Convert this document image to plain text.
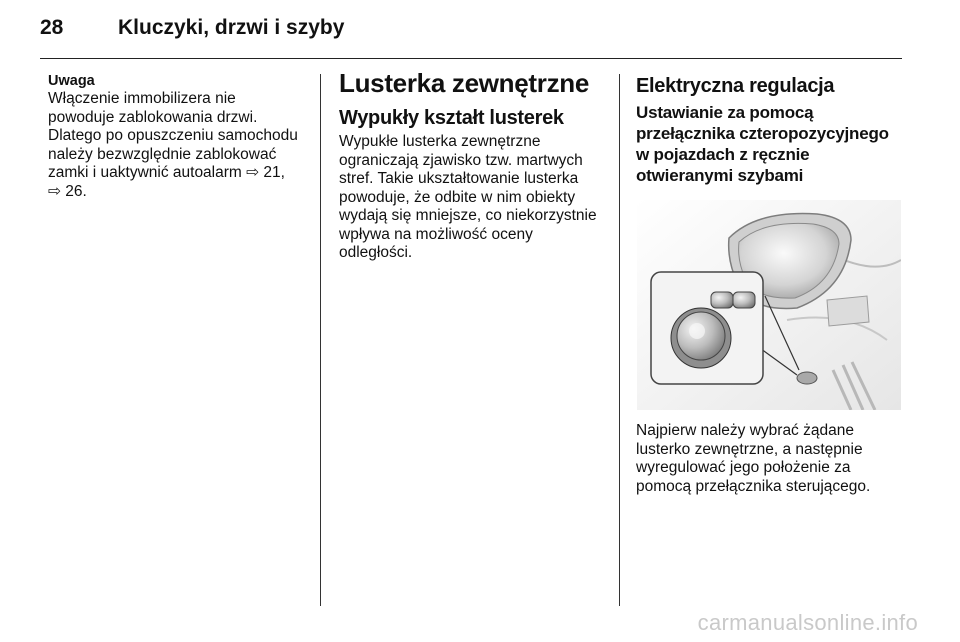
28	Kluczyki, drzwi i szyby
Uwaga

Włączenie immobilizera nie
powoduje zablokowania drzwi.
Dlatego po opuszczeniu samochodu
należy bezwzględnie zablokować
zamki i uaktywnić autoalarm ⇨ 21,
⇨ 26.

Lusterka zewnętrzne
Wypukły kształt lusterek

Wypukłe lusterka zewnętrzne
ograniczają zjawisko tzw. martwych
stref. Takie ukształtowanie lusterka
powoduje, że odbite w nim obiekty
wydają się mniejsze, co niekorzystnie
wpływa na możliwość oceny
odległości.

Elektryczna regulacja
Ustawianie za pomocą
przełącznika czteropozycyjnego
w pojazdach z ręcznie
otwieranymi szybami

Najpierw należy wybrać żądane
lusterko zewnętrzne, a następnie
wyregulować jego położenie za
pomocą przełącznika sterującego.

carmanualsonline.info
